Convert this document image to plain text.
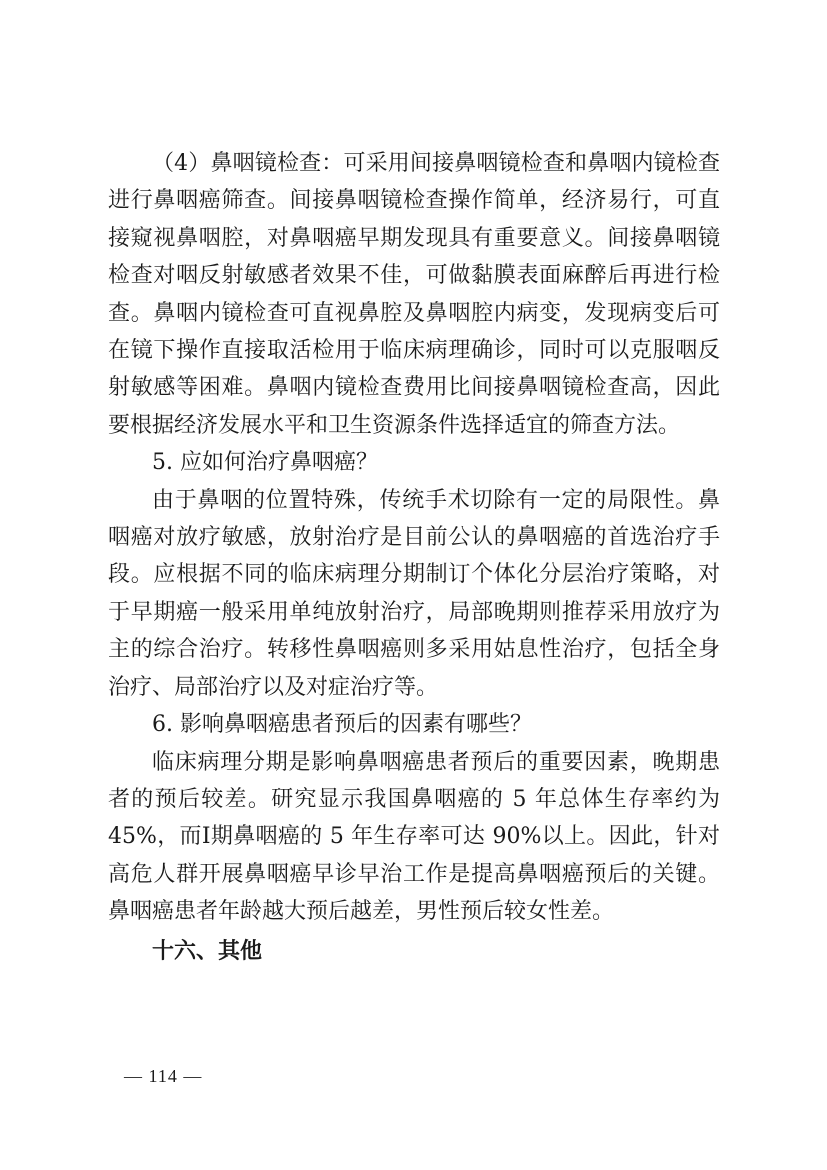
（4）鼻咽镜检查：可采用间接鼻咽镜检查和鼻咽内镜检查进行鼻咽癌筛查。间接鼻咽镜检查操作简单，经济易行，可直接窥视鼻咽腔，对鼻咽癌早期发现具有重要意义。间接鼻咽镜检查对咽反射敏感者效果不佳，可做黏膜表面麻醉后再进行检查。鼻咽内镜检查可直视鼻腔及鼻咽腔内病变，发现病变后可在镜下操作直接取活检用于临床病理确诊，同时可以克服咽反射敏感等困难。鼻咽内镜检查费用比间接鼻咽镜检查高，因此要根据经济发展水平和卫生资源条件选择适宜的筛查方法。

5. 应如何治疗鼻咽癌？

由于鼻咽的位置特殊，传统手术切除有一定的局限性。鼻咽癌对放疗敏感，放射治疗是目前公认的鼻咽癌的首选治疗手段。应根据不同的临床病理分期制订个体化分层治疗策略，对于早期癌一般采用单纯放射治疗，局部晚期则推荐采用放疗为主的综合治疗。转移性鼻咽癌则多采用姑息性治疗，包括全身治疗、局部治疗以及对症治疗等。

6. 影响鼻咽癌患者预后的因素有哪些？

临床病理分期是影响鼻咽癌患者预后的重要因素，晚期患者的预后较差。研究显示我国鼻咽癌的 5 年总体生存率约为 45%，而Ⅰ期鼻咽癌的 5 年生存率可达 90%以上。因此，针对高危人群开展鼻咽癌早诊早治工作是提高鼻咽癌预后的关键。鼻咽癌患者年龄越大预后越差，男性预后较女性差。

十六、其他

— 114 —
